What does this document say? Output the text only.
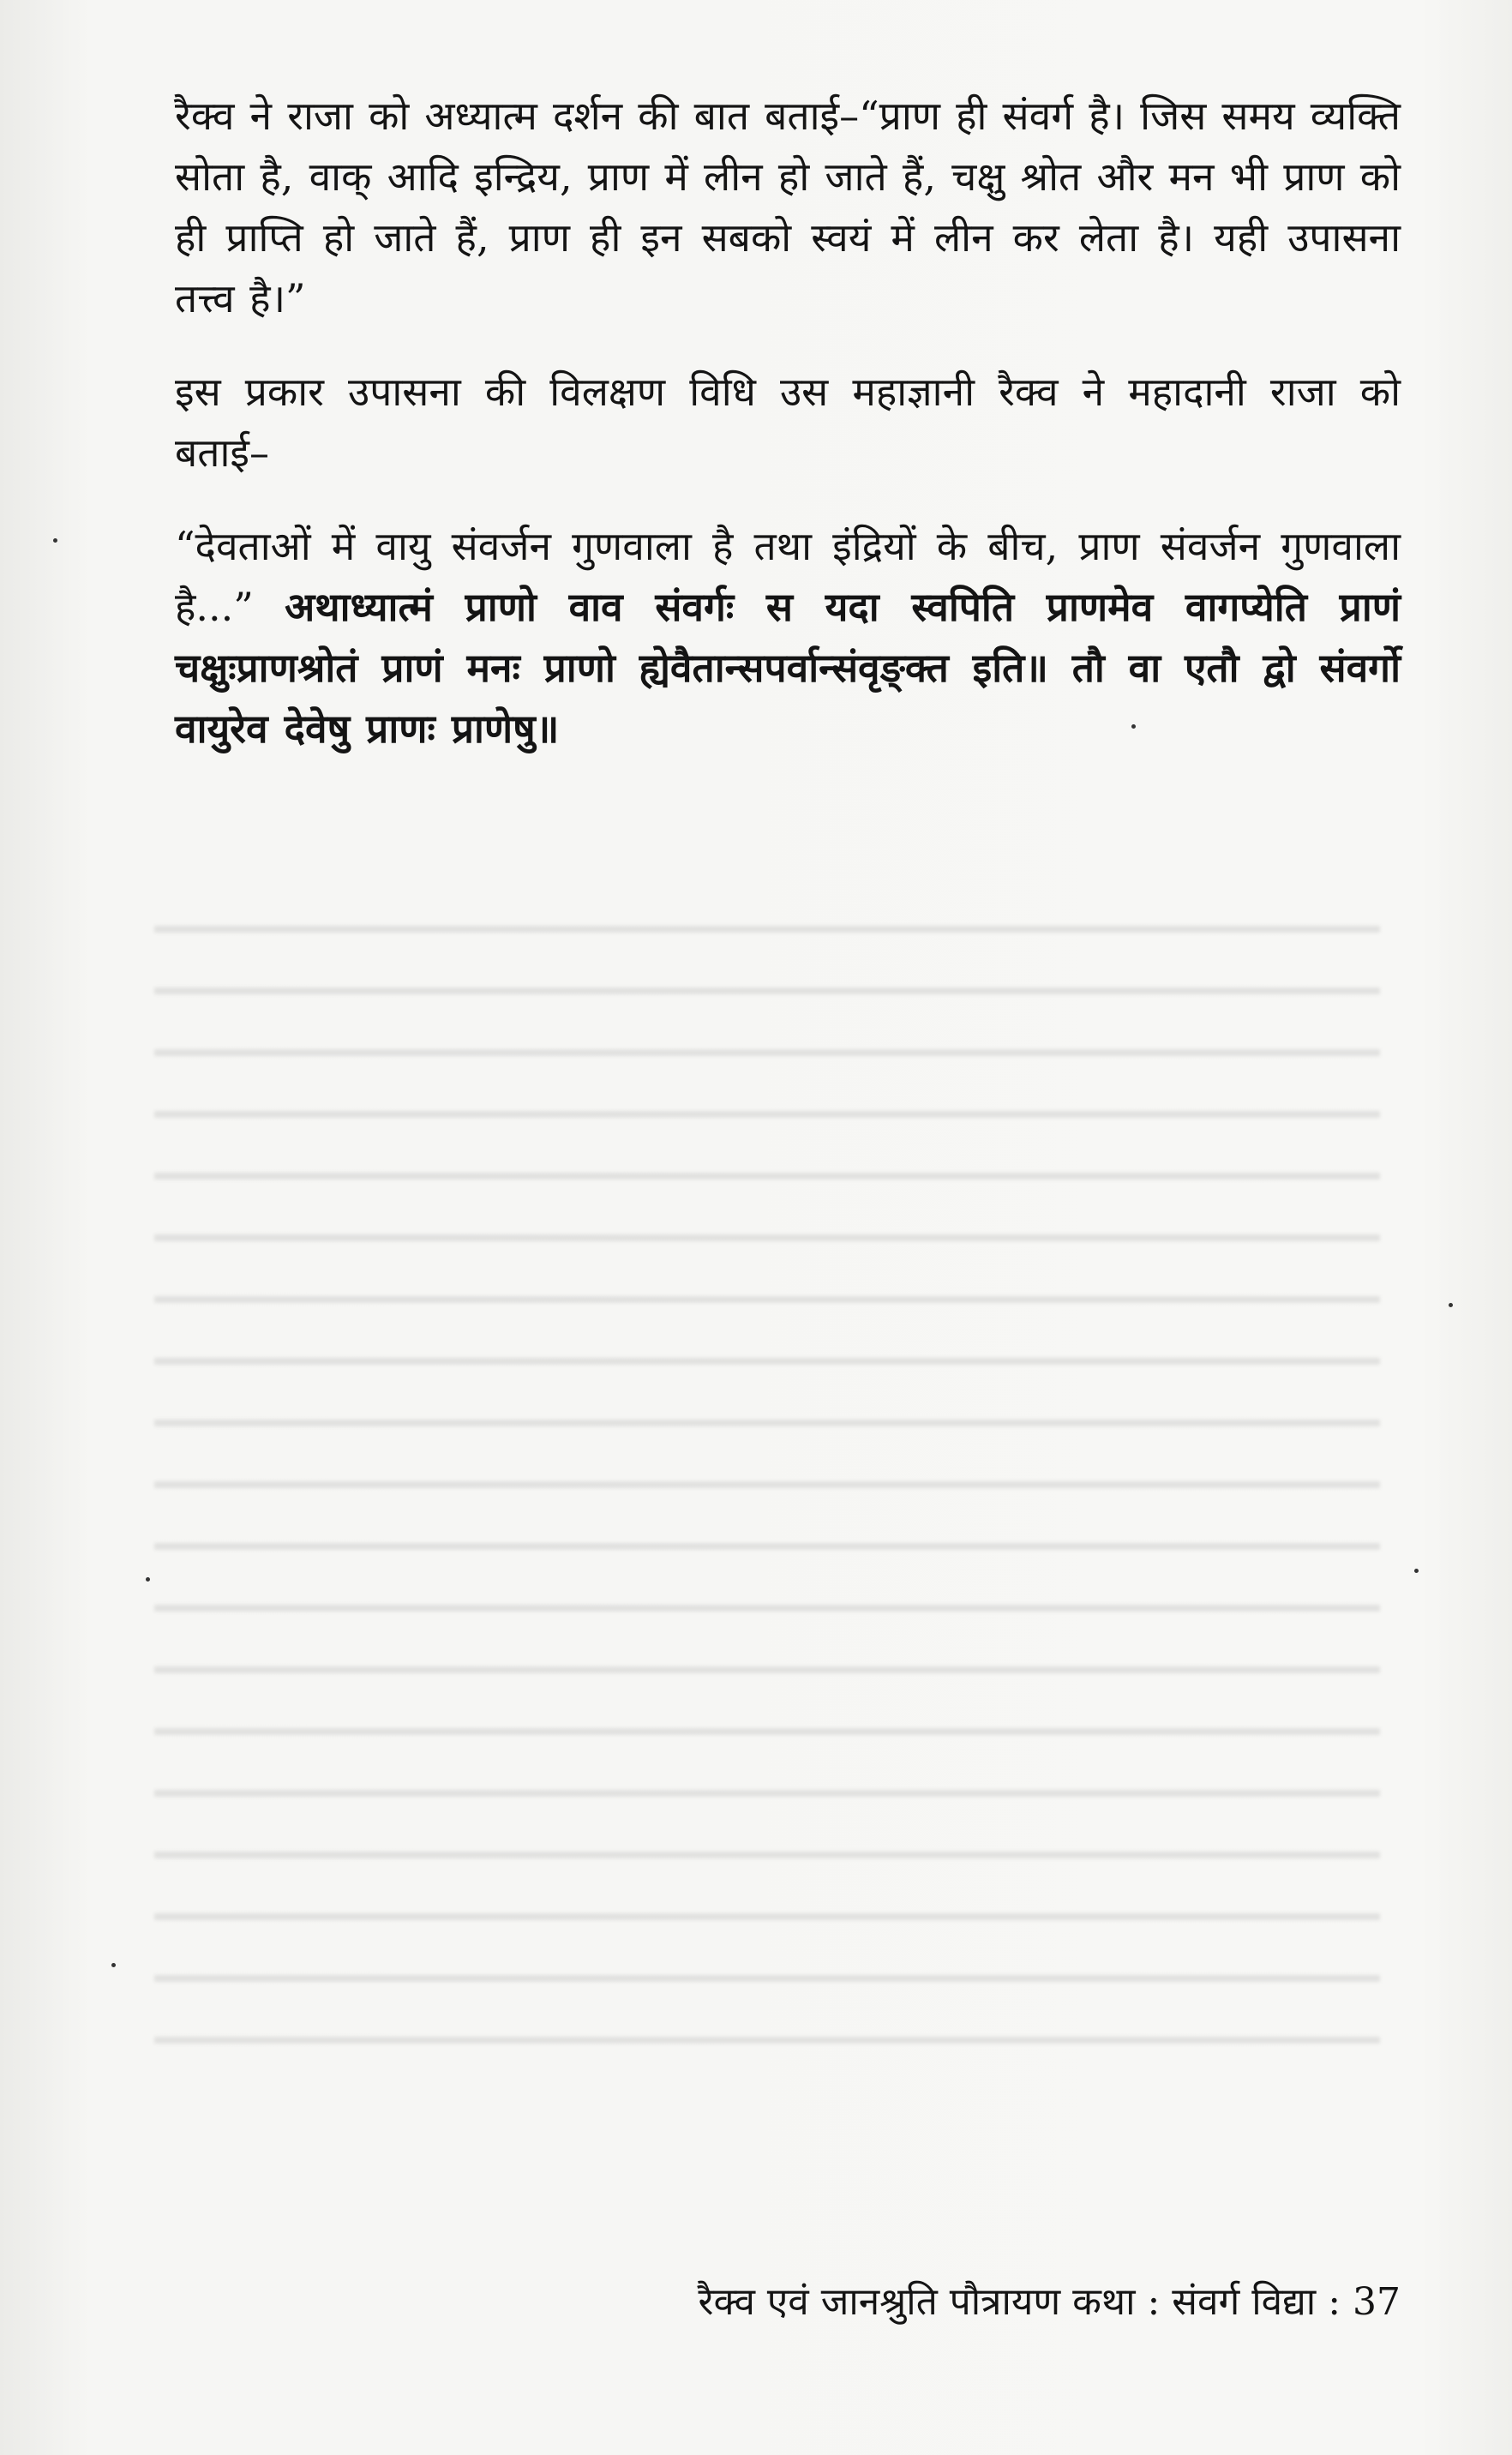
रैक्व ने राजा को अध्यात्म दर्शन की बात बताई–“प्राण ही संवर्ग है। जिस समय व्यक्ति सोता है, वाक् आदि इन्द्रिय, प्राण में लीन हो जाते हैं, चक्षु श्रोत और मन भी प्राण को ही प्राप्ति हो जाते हैं, प्राण ही इन सबको स्वयं में लीन कर लेता है। यही उपासना तत्त्व है।”

इस प्रकार उपासना की विलक्षण विधि उस महाज्ञानी रैक्व ने महादानी राजा को बताई–

“देवताओं में वायु संवर्जन गुणवाला है तथा इंद्रियों के बीच, प्राण संवर्जन गुणवाला है...” अथाध्यात्मं प्राणो वाव संवर्गः स यदा स्वपिति प्राणमेव वागप्येति प्राणं चक्षुःप्राणश्रोतं प्राणं मनः प्राणो ह्येवैतान्सपर्वान्संवृङ्क्त इति॥ तौ वा एतौ द्वो संवर्गो वायुरेव देवेषु प्राणः प्राणेषु॥

रैक्व एवं जानश्रुति पौत्रायण कथा : संवर्ग विद्या : 37
